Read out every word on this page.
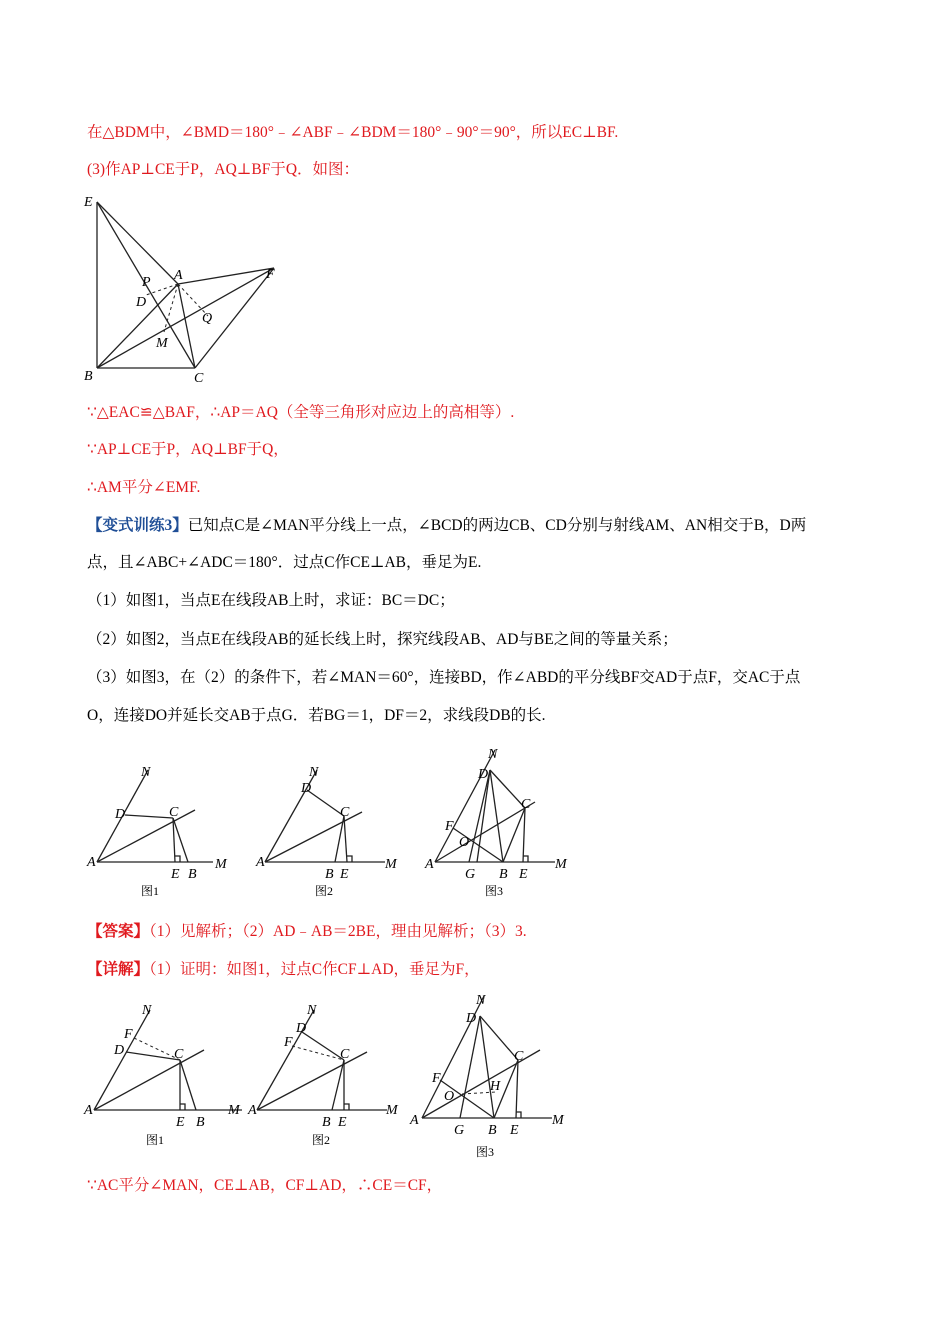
在△BDM中，∠BMD＝180°﹣∠ABF﹣∠BDM＝180°﹣90°＝90°，所以EC⊥BF.
(3)作AP⊥CE于P，AQ⊥BF于Q．如图：
E
P A	F
D
Q
M
B	C
∵△EAC≌△BAF，∴AP＝AQ（全等三角形对应边上的高相等）.
∵AP⊥CE于P，AQ⊥BF于Q，
∴AM平分∠EMF.
【变式训练3】已知点C是∠MAN平分线上一点，∠BCD的两边CB、CD分别与射线AM、AN相交于B，D两
点，且∠ABC+∠ADC＝180°．过点C作CE⊥AB，垂足为E.
（1）如图1，当点E在线段AB上时，求证：BC＝DC；
（2）如图2，当点E在线段AB的延长线上时，探究线段AB、AD与BE之间的等量关系；
（3）如图3，在（2）的条件下，若∠MAN＝60°，连接BD，作∠ABD的平分线BF交AD于点F，交AC于点
O，连接DO并延长交AB于点G．若BG＝1，DF＝2，求线段DB的长.
N
D	C
A
E B
M
图1
N
D
C
A
B E
M
图2
N
D
C
F
O
A
G B E
M
图3
【答案】（1）见解析；（2）AD﹣AB＝2BE，理由见解析；（3）3.
【详解】（1）证明：如图1，过点C作CF⊥AD，垂足为F，
N
F
D	C
A
E B
M
图1
N
D
F
C
A
B E
M
图2
N
D
C
F
O
H
A
G B E
M
图3
∵AC平分∠MAN，CE⊥AB，CF⊥AD，∴CE＝CF，
